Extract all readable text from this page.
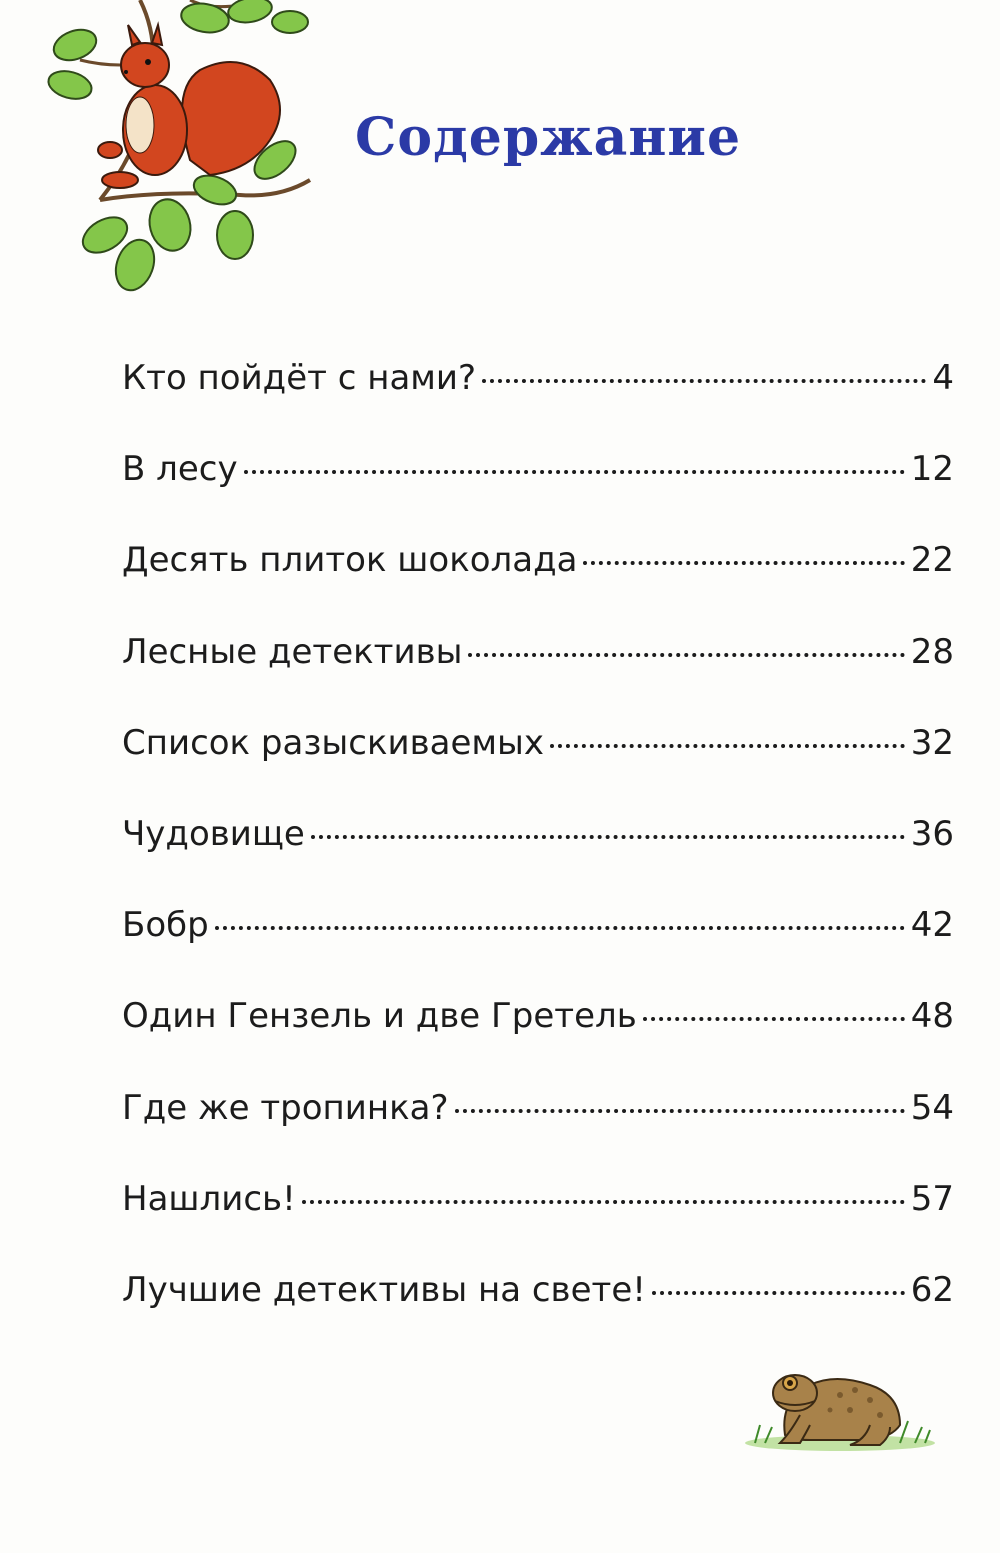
Содержание
Кто пойдёт с нами?	4
В лесу	12
Десять плиток шоколада	22
Лесные детективы	28
Список разыскиваемых	32
Чудовище	36
Бобр	42
Один Гензель и две Гретель	48
Где же тропинка?	54
Нашлись!	57
Лучшие детективы на свете!	62
